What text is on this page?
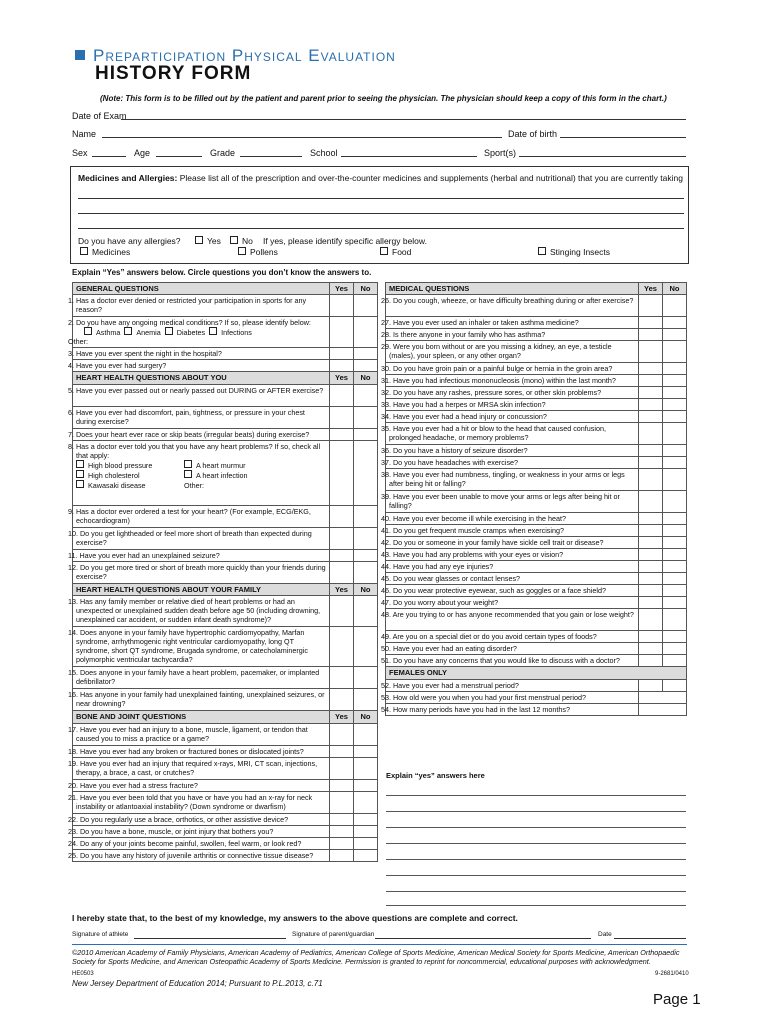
Preparticipation Physical Evaluation
HISTORY FORM
(Note: This form is to be filled out by the patient and parent prior to seeing the physician. The physician should keep a copy of this form in the chart.)
Date of Exam
Name	Date of birth
Sex	Age	Grade	School	Sport(s)
Medicines and Allergies: Please list all of the prescription and over-the-counter medicines and supplements (herbal and nutritional) that you are currently taking
Do you have any allergies?	Yes	No If yes, please identify specific allergy below.
Medicines	Pollens	Food	Stinging Insects
Explain “Yes” answers below. Circle questions you don’t know the answers to.
GENERAL QUESTIONS	Yes	No
1. Has a doctor ever denied or restricted your participation in sports for any reason?		

2. Do you have any ongoing medical conditions? If so, please identify below:
Asthma Anemia Diabetes Infections
Other:		

3. Have you ever spent the night in the hospital?		
4. Have you ever had surgery?		
HEART HEALTH QUESTIONS ABOUT YOU	Yes	No
5. Have you ever passed out or nearly passed out DURING or AFTER exercise?		
6. Have you ever had discomfort, pain, tightness, or pressure in your chest during exercise?		
7. Does your heart ever race or skip beats (irregular beats) during exercise?		

8. Has a doctor ever told you that you have any heart problems? If so, check all that apply:
High blood pressure A heart murmur
High cholesterol A heart infection
Kawasaki disease Other:		

9. Has a doctor ever ordered a test for your heart? (For example, ECG/EKG, echocardiogram)		
10. Do you get lightheaded or feel more short of breath than expected during exercise?		
11. Have you ever had an unexplained seizure?		
12. Do you get more tired or short of breath more quickly than your friends during exercise?		
HEART HEALTH QUESTIONS ABOUT YOUR FAMILY	Yes	No
13. Has any family member or relative died of heart problems or had an unexpected or unexplained sudden death before age 50 (including drowning, unexplained car accident, or sudden infant death syndrome)?		
14. Does anyone in your family have hypertrophic cardiomyopathy, Marfan syndrome, arrhythmogenic right ventricular cardiomyopathy, long QT syndrome, short QT syndrome, Brugada syndrome, or catecholaminergic polymorphic ventricular tachycardia?		
15. Does anyone in your family have a heart problem, pacemaker, or implanted defibrillator?		
16. Has anyone in your family had unexplained fainting, unexplained seizures, or near drowning?		
BONE AND JOINT QUESTIONS	Yes	No
17. Have you ever had an injury to a bone, muscle, ligament, or tendon that caused you to miss a practice or a game?		
18. Have you ever had any broken or fractured bones or dislocated joints?		
19. Have you ever had an injury that required x-rays, MRI, CT scan, injections, therapy, a brace, a cast, or crutches?		
20. Have you ever had a stress fracture?		
21. Have you ever been told that you have or have you had an x-ray for neck instability or atlantoaxial instability? (Down syndrome or dwarfism)		
22. Do you regularly use a brace, orthotics, or other assistive device?		
23. Do you have a bone, muscle, or joint injury that bothers you?		
24. Do any of your joints become painful, swollen, feel warm, or look red?		
25. Do you have any history of juvenile arthritis or connective tissue disease?		
MEDICAL QUESTIONS	Yes	No
26. Do you cough, wheeze, or have difficulty breathing during or after exercise?		
27. Have you ever used an inhaler or taken asthma medicine?		
28. Is there anyone in your family who has asthma?		
29. Were you born without or are you missing a kidney, an eye, a testicle (males), your spleen, or any other organ?		
30. Do you have groin pain or a painful bulge or hernia in the groin area?		
31. Have you had infectious mononucleosis (mono) within the last month?		
32. Do you have any rashes, pressure sores, or other skin problems?		
33. Have you had a herpes or MRSA skin infection?		
34. Have you ever had a head injury or concussion?		
35. Have you ever had a hit or blow to the head that caused confusion, prolonged headache, or memory problems?		
36. Do you have a history of seizure disorder?		
37. Do you have headaches with exercise?		
38. Have you ever had numbness, tingling, or weakness in your arms or legs after being hit or falling?		
39. Have you ever been unable to move your arms or legs after being hit or falling?		
40. Have you ever become ill while exercising in the heat?		
41. Do you get frequent muscle cramps when exercising?		
42. Do you or someone in your family have sickle cell trait or disease?		
43. Have you had any problems with your eyes or vision?		
44. Have you had any eye injuries?		
45. Do you wear glasses or contact lenses?		
46. Do you wear protective eyewear, such as goggles or a face shield?		
47. Do you worry about your weight?		
48. Are you trying to or has anyone recommended that you gain or lose weight?		
49. Are you on a special diet or do you avoid certain types of foods?		
50. Have you ever had an eating disorder?		
51. Do you have any concerns that you would like to discuss with a doctor?		
FEMALES ONLY		
52. Have you ever had a menstrual period?		
53. How old were you when you had your first menstrual period?		
54. How many periods have you had in the last 12 months?		
Explain “yes” answers here
I hereby state that, to the best of my knowledge, my answers to the above questions are complete and correct.
Signature of athlete	Signature of parent/guardian	Date
©2010 American Academy of Family Physicians, American Academy of Pediatrics, American College of Sports Medicine, American Medical Society for Sports Medicine, American Orthopaedic Society for Sports Medicine, and American Osteopathic Academy of Sports Medicine. Permission is granted to reprint for noncommercial, educational purposes with acknowledgment.
HE0503	9-2681/0410
New Jersey Department of Education 2014; Pursuant to P.L.2013, c.71
Page 1
